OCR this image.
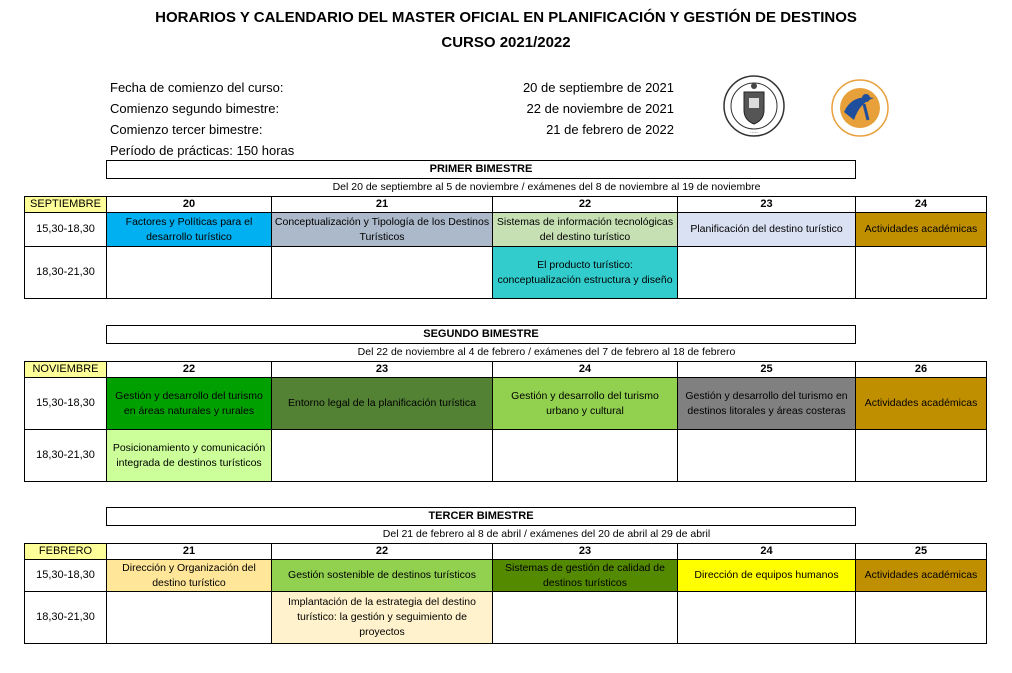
HORARIOS Y CALENDARIO DEL MASTER OFICIAL EN PLANIFICACIÓN Y GESTIÓN DE DESTINOS
CURSO 2021/2022
Fecha de comienzo del curso:	20 de septiembre de 2021
Comienzo segundo bimestre:	22 de noviembre de 2021
Comienzo tercer bimestre:	21 de febrero de 2022
Período de prácticas: 150 horas
·····
	PRIMER BIMESTRE				
	Del 20 de septiembre al 5 de noviembre / exámenes del 8 de noviembre al 19 de noviembre				
SEPTIEMBRE	20	21	22	23	24
15,30-18,30	Factores y Políticas para el desarrollo turístico	Conceptualización y Tipología de los Destinos Turísticos	Sistemas de información tecnológicas del destino turístico	Planificación del destino turístico	Actividades académicas
18,30-21,30			El producto turístico: conceptualización estructura y diseño		
	SEGUNDO BIMESTRE				
	Del 22 de noviembre al 4 de febrero / exámenes del 7 de febrero al 18 de febrero				
NOVIEMBRE	22	23	24	25	26
15,30-18,30	Gestión y desarrollo del turismo en áreas naturales y rurales	Entorno legal de la planificación turística	Gestión y desarrollo del turismo urbano y cultural	Gestión y desarrollo del turismo en destinos litorales y áreas costeras	Actividades académicas
18,30-21,30	Posicionamiento y comunicación integrada de destinos turísticos				
	TERCER BIMESTRE				
	Del 21 de febrero al 8 de abril / exámenes del 20 de abril al 29 de abril				
FEBRERO	21	22	23	24	25
15,30-18,30	Dirección y Organización del destino turístico	Gestión sostenible de destinos turísticos	Sistemas de gestión de calidad de destinos turísticos	Dirección de equipos humanos	Actividades académicas
18,30-21,30		Implantación de la estrategia del destino turístico: la gestión y seguimiento de proyectos			
